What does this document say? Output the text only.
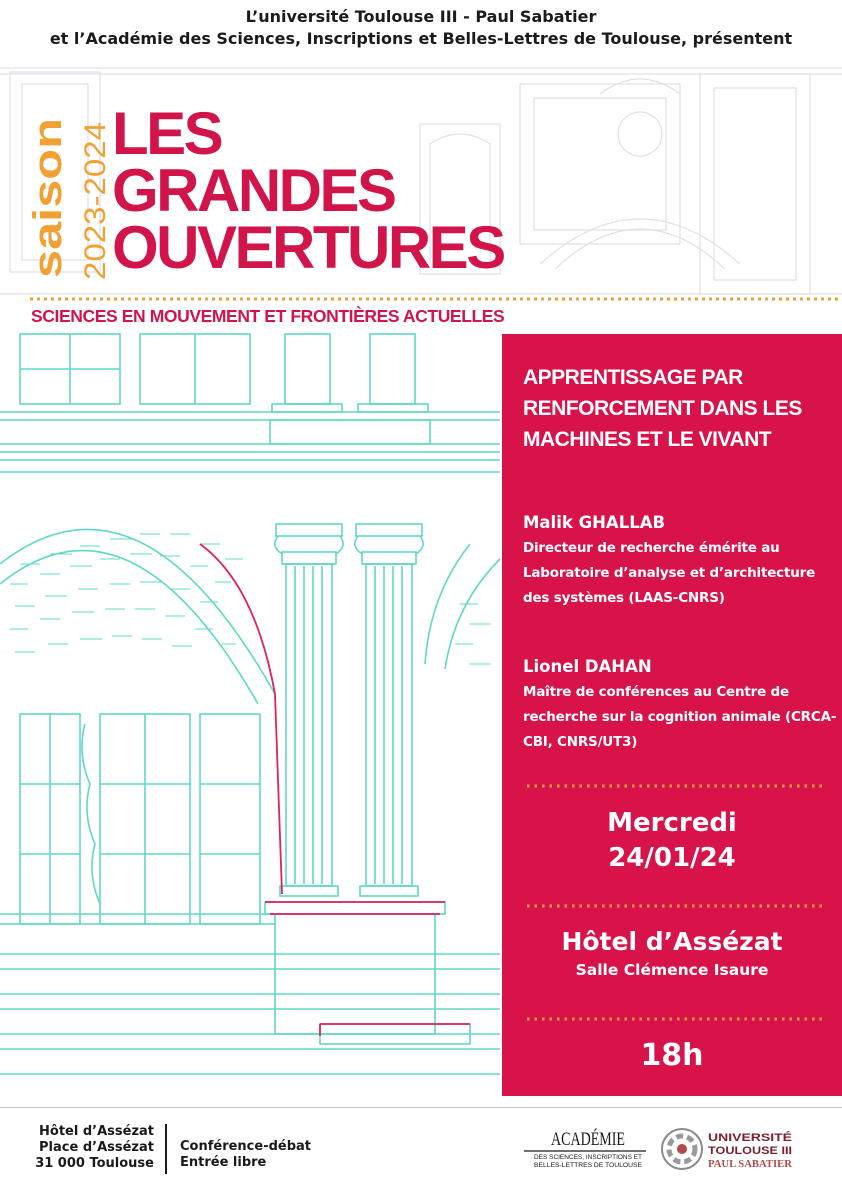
L’université Toulouse III - Paul Sabatier
et l’Académie des Sciences, Inscriptions et Belles-Lettres de Toulouse, présentent
saison 2023-2024
LES
GRANDES
OUVERTURES
SCIENCES EN MOUVEMENT ET FRONTIÈRES ACTUELLES
APPRENTISSAGE PAR RENFORCEMENT DANS LES MACHINES ET LE VIVANT
Malik GHALLAB
Directeur de recherche émérite au Laboratoire d’analyse et d’architecture des systèmes (LAAS-CNRS)
Lionel DAHAN
Maître de conférences au Centre de recherche sur la cognition animale (CRCA-CBI, CNRS/UT3)
Mercredi
24/01/24
Hôtel d’Assézat
Salle Clémence Isaure
18h
Hôtel d’Assézat
Place d’Assézat
31 000 Toulouse
Conférence-débat
Entrée libre
ACADÉMIE
DES SCIENCES, INSCRIPTIONS ET
BELLES-LETTRES DE TOULOUSE
UNIVERSITÉ
TOULOUSE III
PAUL SABATIER
